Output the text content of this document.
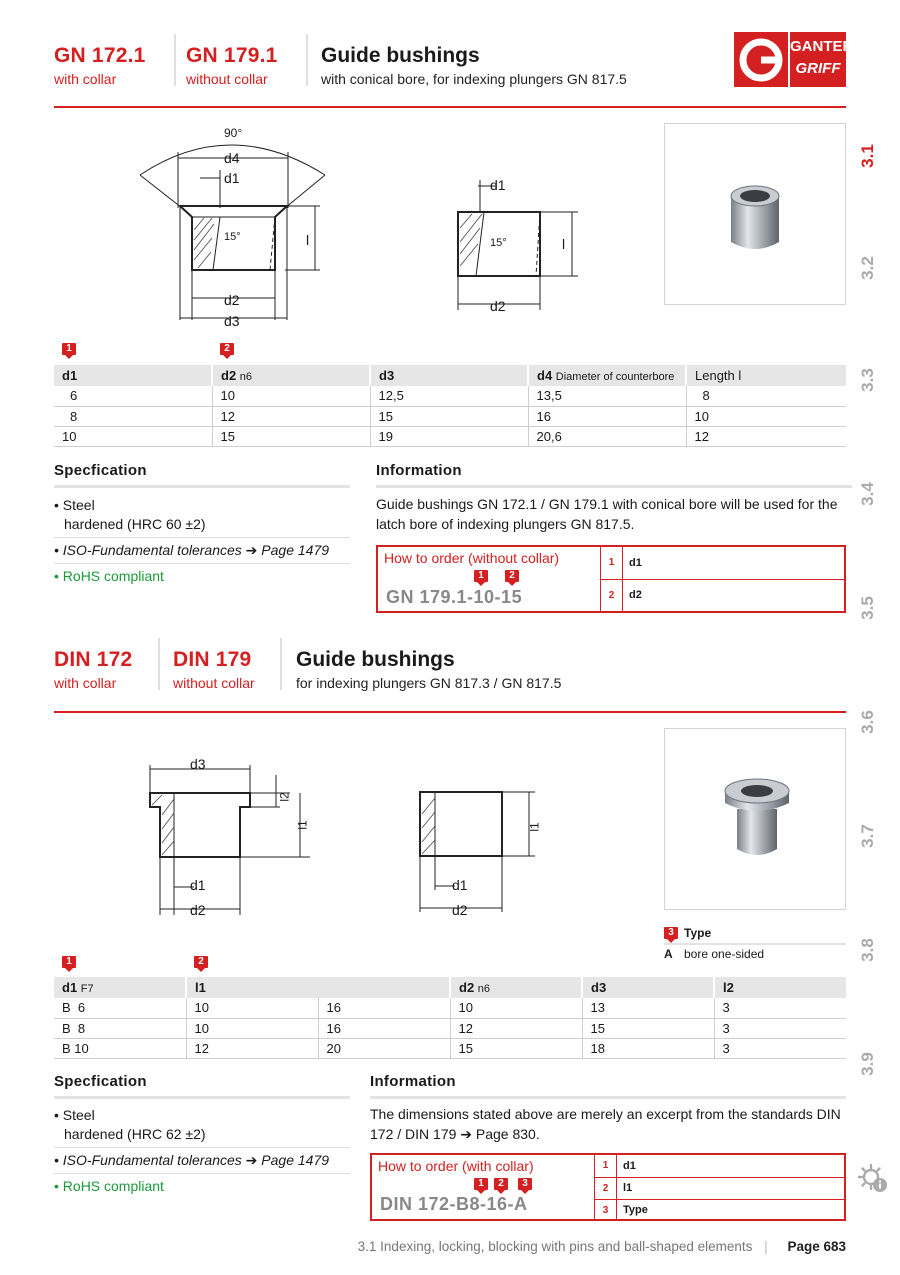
GN 172.1
with collar
GN 179.1
without collar
Guide bushings
with conical bore, for indexing plungers GN 817.5
GANTER
GRIFF
90°
d4
d1
15°	l
d2
d3
d1
15°	l
d2
1	2
d1	d2 n6	d3	d4 Diameter of counterbore	Length l
6	10	12,5	13,5	8
8	12	15	16	10
10	15	19	20,6	12
Specfication
• Steel
hardened (HRC 60 ±2)
• ISO-Fundamental tolerances ➔ Page 1479
• RoHS compliant
Information
Guide bushings GN 172.1 / GN 179.1 with conical bore will be used for the latch bore of indexing plungers GN 817.5.
How to order (without collar)
1	2
GN 179.1-10-15
1	d1
2	d2
DIN 172
with collar
DIN 179
without collar
Guide bushings
for indexing plungers GN 817.3 / GN 817.5
d3
l2
l1
d1
d2
l1
d1
d2
3 Type
A bore one-sided
1	2
d1 F7	l1		d2 n6	d3	l2
B  6	10	16	10	13	3
B  8	10	16	12	15	3
B 10	12	20	15	18	3
Specfication
• Steel
hardened (HRC 62 ±2)
• ISO-Fundamental tolerances ➔ Page 1479
• RoHS compliant
Information
The dimensions stated above are merely an excerpt from the standards DIN 172 / DIN 179 ➔ Page 830.
How to order (with collar)
1	2	3
DIN 172-B8-16-A
1	d1
2	l1
3	Type
3.1
3.2
3.3
3.4
3.5
3.6
3.7
3.8
3.9
3.1 Indexing, locking, blocking with pins and ball-shaped elements | Page 683
